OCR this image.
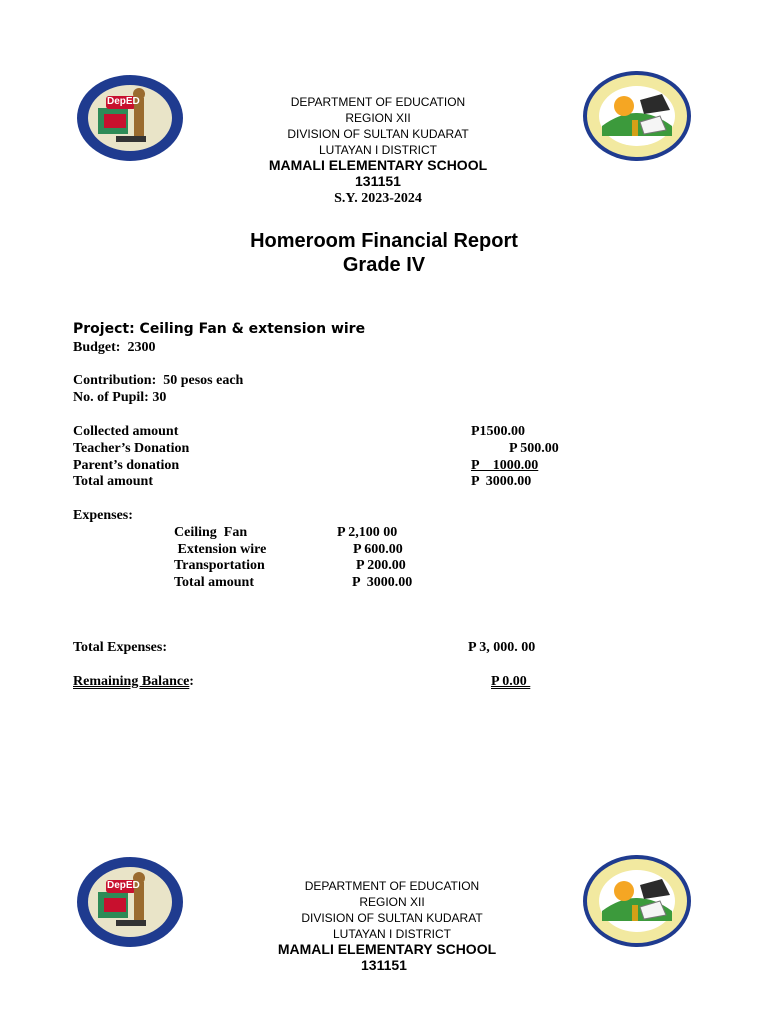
DepED	DEPARTMENT OF EDUCATION
REGION XII
DIVISION OF SULTAN KUDARAT
LUTAYAN I DISTRICT
MAMALI ELEMENTARY SCHOOL
131151
S.Y. 2023-2024
Homeroom Financial Report
Grade IV
Project: Ceiling Fan & extension wire
Budget:  2300
Contribution:  50 pesos each
No. of Pupil: 30
Collected amount	P1500.00
Teacher’s Donation	P 500.00
Parent’s donation	P    1000.00
Total amount	P  3000.00
Expenses:
Ceiling  Fan	P 2,100 00
Extension wire	P 600.00
Transportation	P 200.00
Total amount	P  3000.00
Total Expenses:	P 3, 000. 00
Remaining Balance:	P 0.00
DepED	DEPARTMENT OF EDUCATION
REGION XII
DIVISION OF SULTAN KUDARAT
LUTAYAN I DISTRICT
MAMALI ELEMENTARY SCHOOL
131151
